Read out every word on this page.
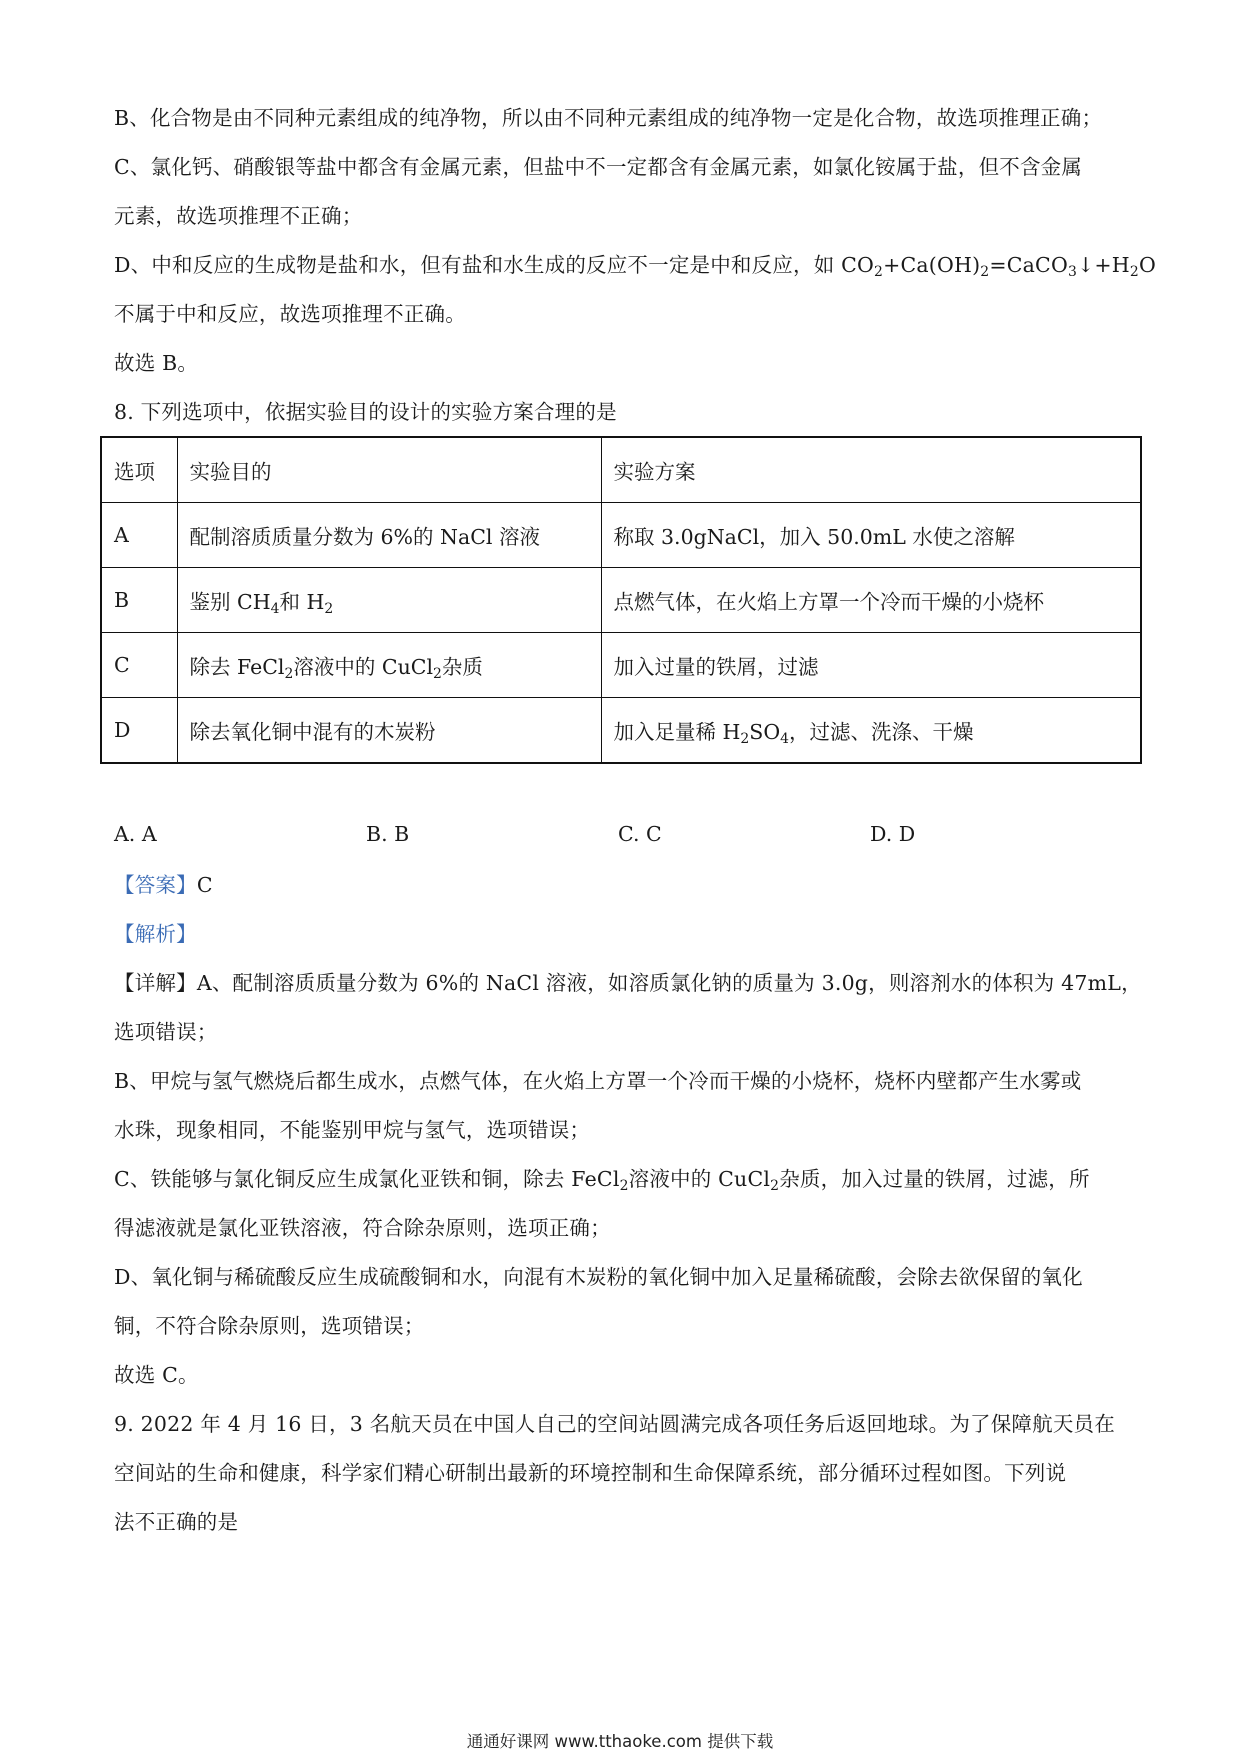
B、化合物是由不同种元素组成的纯净物，所以由不同种元素组成的纯净物一定是化合物，故选项推理正确；
C、氯化钙、硝酸银等盐中都含有金属元素，但盐中不一定都含有金属元素，如氯化铵属于盐，但不含金属
元素，故选项推理不正确；
D、中和反应的生成物是盐和水，但有盐和水生成的反应不一定是中和反应，如 $CO_2+Ca(OH)_2=CaCO_3↓+H_2O$
不属于中和反应，故选项推理不正确。
故选 B。
8. 下列选项中，依据实验目的设计的实验方案合理的是
选项	实验目的	实验方案
A	配制溶质质量分数为 6%的 NaCl 溶液	称取 3.0gNaCl，加入 50.0mL 水使之溶解
B	鉴别 $CH_4$和 $H_2$	点燃气体，在火焰上方罩一个冷而干燥的小烧杯
C	除去 FeCl$_2$溶液中的 CuCl$_2$杂质	加入过量的铁屑，过滤
D	除去氧化铜中混有的木炭粉	加入足量稀 $H_2SO_4$，过滤、洗涤、干燥
A. A	B. B	C. C	D. D
【答案】C
【解析】
【详解】A、配制溶质质量分数为 6%的 NaCl 溶液，如溶质氯化钠的质量为 3.0g，则溶剂水的体积为 47mL，
选项错误；
B、甲烷与氢气燃烧后都生成水，点燃气体，在火焰上方罩一个冷而干燥的小烧杯，烧杯内壁都产生水雾或
水珠，现象相同，不能鉴别甲烷与氢气，选项错误；
C、铁能够与氯化铜反应生成氯化亚铁和铜，除去 FeCl$_2$溶液中的 CuCl$_2$杂质，加入过量的铁屑，过滤，所
得滤液就是氯化亚铁溶液，符合除杂原则，选项正确；
D、氧化铜与稀硫酸反应生成硫酸铜和水，向混有木炭粉的氧化铜中加入足量稀硫酸，会除去欲保留的氧化
铜，不符合除杂原则，选项错误；
故选 C。
9. 2022 年 4 月 16 日，3 名航天员在中国人自己的空间站圆满完成各项任务后返回地球。为了保障航天员在
空间站的生命和健康，科学家们精心研制出最新的环境控制和生命保障系统，部分循环过程如图。下列说
法不正确的是
通通好课网 www.tthaoke.com 提供下载
